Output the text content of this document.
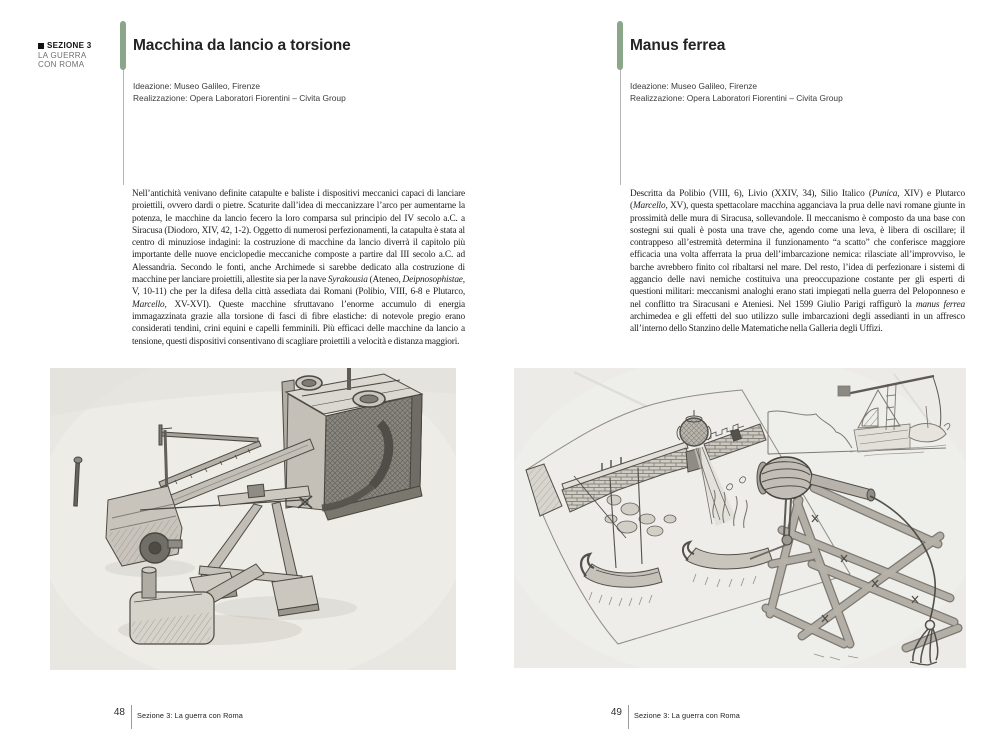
SEZIONE 3
LA GUERRA
CON ROMA
Macchina da lancio a torsione
Ideazione: Museo Galileo, Firenze
Realizzazione: Opera Laboratori Fiorentini – Civita Group
Nell’antichità venivano definite catapulte e baliste i dispositivi meccanici capaci di lanciare proiettili, ovvero dardi o pietre. Scaturite dall’idea di meccanizzare l’arco per aumentarne la potenza, le macchine da lancio fecero la loro comparsa sul principio del IV secolo a.C. a Siracusa (Diodoro, XIV, 42, 1-2). Oggetto di numerosi perfezionamenti, la catapulta è stata al centro di minuziose indagini: la costruzione di macchine da lancio diverrà il capitolo più importante delle nuove enciclopedie meccaniche composte a partire dal III secolo a.C. ad Alessandria. Secondo le fonti, anche Archimede si sarebbe dedicato alla costruzione di macchine per lanciare proiettili, allestite sia per la nave Syrakousia (Ateneo, Deipnosophistae, V, 10-11) che per la difesa della città assediata dai Romani (Polibio, VIII, 6-8 e Plutarco, Marcello, XV-XVI). Queste macchine sfruttavano l’enorme accumulo di energia immagazzinata grazie alla torsione di fasci di fibre elastiche: di notevole pregio erano considerati tendini, crini equini e capelli femminili. Più efficaci delle macchine da lancio a tensione, questi dispositivi consentivano di scagliare proiettili a velocità e distanza maggiori.
48 Sezione 3: La guerra con Roma
Manus ferrea
Ideazione: Museo Galileo, Firenze
Realizzazione: Opera Laboratori Fiorentini – Civita Group
Descritta da Polibio (VIII, 6), Livio (XXIV, 34), Silio Italico (Punica, XIV) e Plutarco (Marcello, XV), questa spettacolare macchina agganciava la prua delle navi romane giunte in prossimità delle mura di Siracusa, sollevandole. Il meccanismo è composto da una base con sostegni sui quali è posta una trave che, agendo come una leva, è libera di oscillare; il contrappeso all’estremità determina il funzionamento “a scatto” che conferisce maggiore efficacia una volta afferrata la prua dell’imbarcazione nemica: rilasciate all’improvviso, le barche avrebbero finito col ribaltarsi nel mare. Del resto, l’idea di perfezionare i sistemi di aggancio delle navi nemiche costituiva una preoccupazione costante per gli esperti di questioni militari: meccanismi analoghi erano stati impiegati nella guerra del Peloponneso e nel conflitto tra Siracusani e Ateniesi. Nel 1599 Giulio Parigi raffigurò la manus ferrea archimedea e gli effetti del suo utilizzo sulle imbarcazioni degli assedianti in un affresco all’interno dello Stanzino delle Matematiche nella Galleria degli Uffizi.
49 Sezione 3: La guerra con Roma
